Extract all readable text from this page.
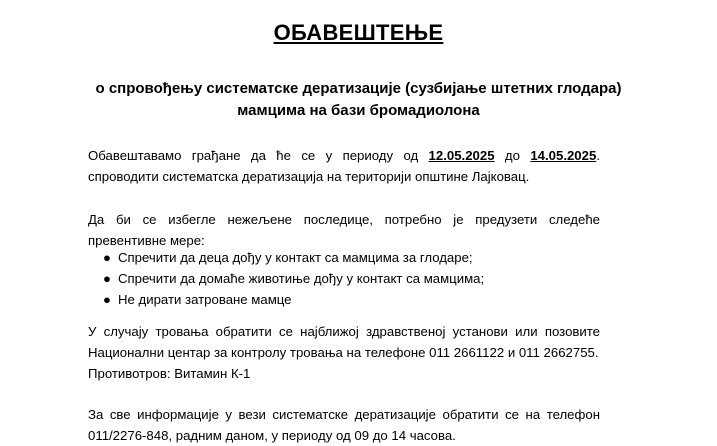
ОБАВЕШТЕЊЕ
о спровођењу систематске дератизације (сузбијање штетних глодара)
мамцима на бази бромадиолона
Обавештавамо грађане да ће се у периоду од 12.05.2025 до 14.05.2025.
спроводити систематска дератизација на територији општине Лајковац.
Да би се избегле нежељене последице, потребно је предузети следеће
превентивне мере:
● Спречити да деца дођу у контакт са мамцима за глодаре;
● Спречити да домаће животиње дођу у контакт са мамцима;
● Не дирати затроване мамце
У случају тровања обратити се најближој здравственој установи или позовите
Национални центар за контролу тровања на телефоне 011 2661122 и 011 2662755.
Противотров: Витамин К-1
За све информације у вези систематске дератизације обратити се на телефон
011/2276-848, радним даном, у периоду од 09 до 14 часова.
